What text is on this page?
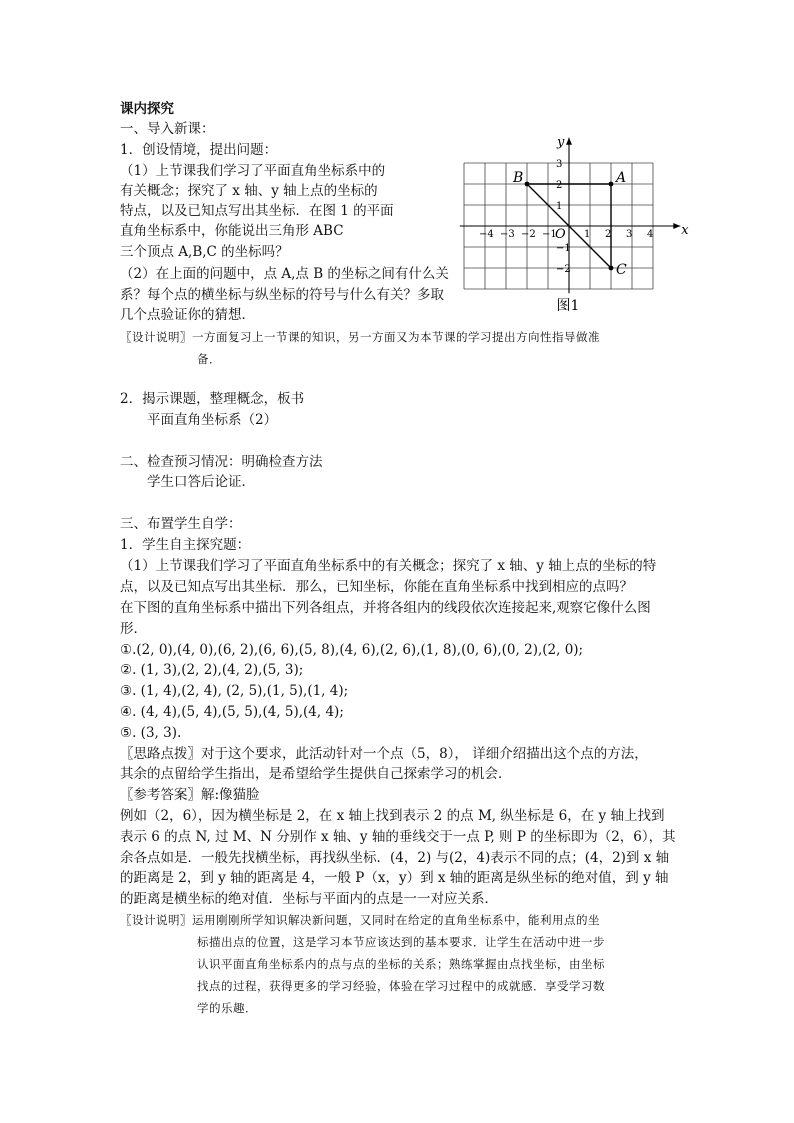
课内探究
一、导入新课：
1．创设情境，提出问题：
（1）上节课我们学习了平面直角坐标系中的
有关概念；探究了 x 轴、y 轴上点的坐标的
特点，以及已知点写出其坐标．在图 1 的平面
直角坐标系中，你能说出三角形 ABC
三个顶点 A,B,C 的坐标吗？
（2）在上面的问题中，点 A,点 B 的坐标之间有什么关
系？每个点的横坐标与纵坐标的符号与什么有关？多取
几个点验证你的猜想．
〖设计说明〗一方面复习上一节课的知识，另一方面又为本节课的学习提出方向性指导做准
备．
2．揭示课题，整理概念，板书
平面直角坐标系（2）
二、检查预习情况：明确检查方法
学生口答后论证．
三、布置学生自学：
1．学生自主探究题：
（1）上节课我们学习了平面直角坐标系中的有关概念；探究了 x 轴、y 轴上点的坐标的特
点，以及已知点写出其坐标．那么，已知坐标，你能在直角坐标系中找到相应的点吗？
在下图的直角坐标系中描出下列各组点，并将各组内的线段依次连接起来,观察它像什么图
形．
①.(2, 0),(4, 0),(6, 2),(6, 6),(5, 8),(4, 6),(2, 6),(1, 8),(0, 6),(0, 2),(2, 0);
②. (1, 3),(2, 2),(4, 2),(5, 3);
③. (1, 4),(2, 4), (2, 5),(1, 5),(1, 4);
④. (4, 4),(5, 4),(5, 5),(4, 5),(4, 4);
⑤. (3, 3).
〖思路点拨〗对于这个要求，此活动针对一个点（5，8）， 详细介绍描出这个点的方法，
其余的点留给学生指出，是希望给学生提供自己探索学习的机会．
〖参考答案〗解:像猫脸
例如（2，6），因为横坐标是 2，在 x 轴上找到表示 2 的点 M, 纵坐标是 6，在 y 轴上找到
表示 6 的点 N, 过 M、N 分别作 x 轴、y 轴的垂线交于一点 P, 则 P 的坐标即为（2，6），其
余各点如是．一般先找横坐标，再找纵坐标．(4，2) 与(2，4)表示不同的点；(4，2)到 x 轴
的距离是 2，到 y 轴的距离是 4，一般 P（x，y）到 x 轴的距离是纵坐标的绝对值，到 y 轴
的距离是横坐标的绝对值．坐标与平面内的点是一一对应关系．
〖设计说明〗运用刚刚所学知识解决新问题，又同时在给定的直角坐标系中，能利用点的坐
标描出点的位置，这是学习本节应该达到的基本要求．让学生在活动中进一步
认识平面直角坐标系内的点与点的坐标的关系；熟练掌握由点找坐标，由坐标
找点的过程，获得更多的学习经验，体验在学习过程中的成就感．享受学习数
学的乐趣．
x
y
O
−4 −3 −2 −1	1 2 3 4
3
2
1
−1
−2
A
B
C
图1
